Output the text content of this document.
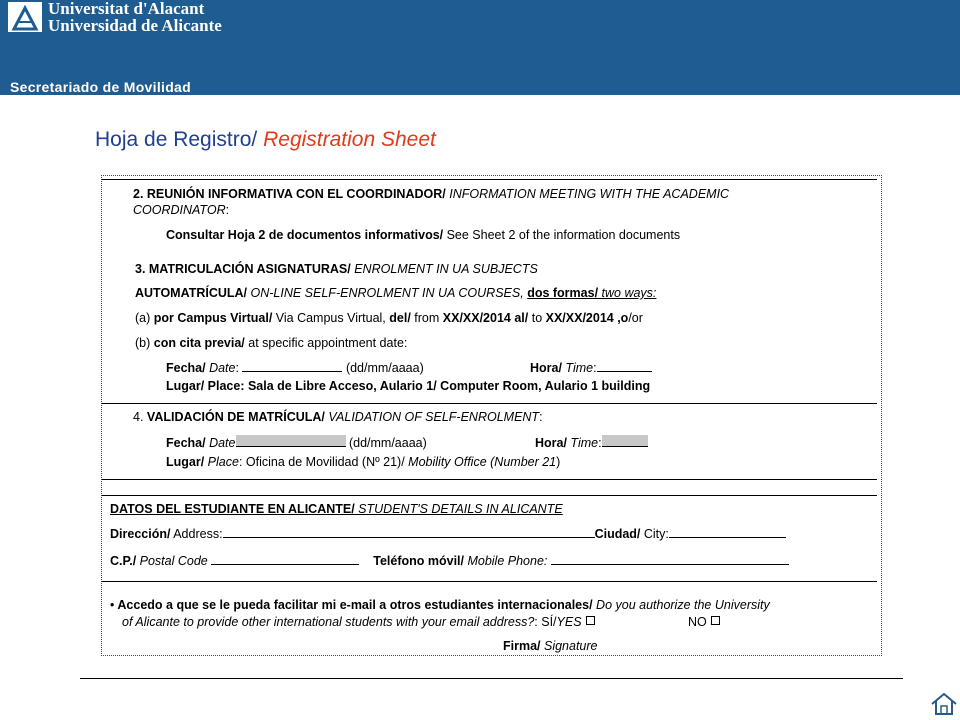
Universitat d'Alacant
Universidad de Alicante
Secretariado de Movilidad
Hoja de Registro/ Registration Sheet
2. REUNIÓN INFORMATIVA CON EL COORDINADOR/ INFORMATION MEETING WITH THE ACADEMIC
COORDINATOR:
Consultar Hoja 2 de documentos informativos/ See Sheet 2 of the information documents
3. MATRICULACIÓN ASIGNATURAS/ ENROLMENT IN UA SUBJECTS
AUTOMATRÍCULA/ ON-LINE SELF-ENROLMENT IN UA COURSES, dos formas/ two ways:
(a) por Campus Virtual/ Via Campus Virtual, del/ from XX/XX/2014 al/ to XX/XX/2014 ,o/or
(b) con cita previa/ at specific appointment date:
Fecha/ Date:	(dd/mm/aaaa)	Hora/ Time:
Lugar/ Place: Sala de Libre Acceso, Aulario 1/ Computer Room, Aulario 1 building
4. VALIDACIÓN DE MATRÍCULA/ VALIDATION OF SELF-ENROLMENT:
Fecha/ Date	(dd/mm/aaaa)	Hora/ Time:
Lugar/ Place: Oficina de Movilidad (Nº 21)/ Mobility Office (Number 21)
DATOS DEL ESTUDIANTE EN ALICANTE/ STUDENT'S DETAILS IN ALICANTE
Dirección/ Address:	Ciudad/ City:
C.P./ Postal Code	Teléfono móvil/ Mobile Phone:
• Accedo a que se le pueda facilitar mi e-mail a otros estudiantes internacionales/ Do you authorize the University
of Alicante to provide other international students with your email address?: SÍ/YES	NO
Firma/ Signature
